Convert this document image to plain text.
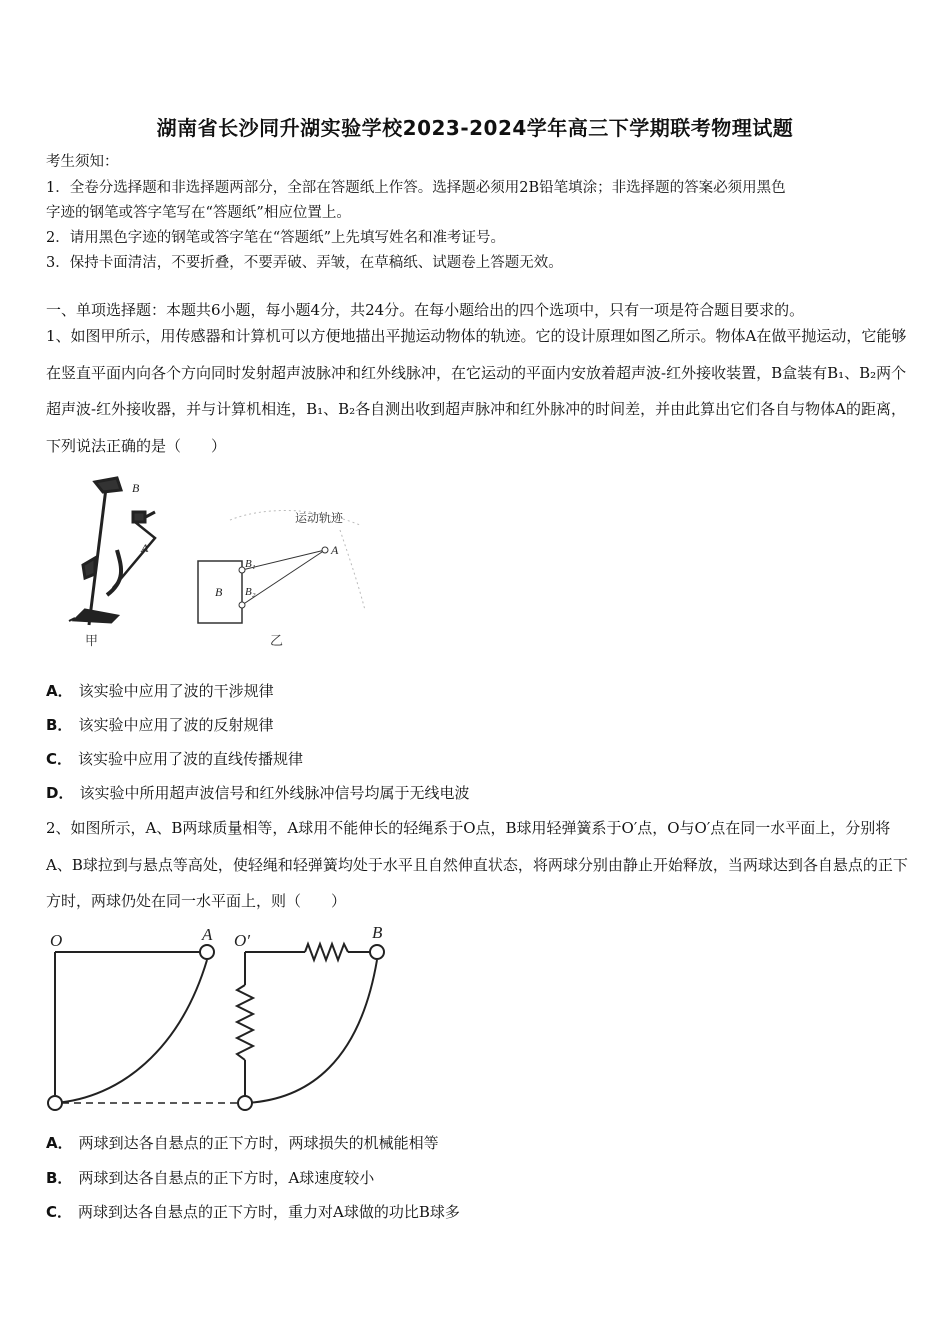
湖南省长沙同升湖实验学校2023-2024学年高三下学期联考物理试题
考生须知：
1．全卷分选择题和非选择题两部分，全部在答题纸上作答。选择题必须用2B铅笔填涂；非选择题的答案必须用黑色
字迹的钢笔或答字笔写在“答题纸”相应位置上。
2．请用黑色字迹的钢笔或答字笔在“答题纸”上先填写姓名和准考证号。
3．保持卡面清洁，不要折叠，不要弄破、弄皱，在草稿纸、试题卷上答题无效。
一、单项选择题：本题共6小题，每小题4分，共24分。在每小题给出的四个选项中，只有一项是符合题目要求的。
1、如图甲所示，用传感器和计算机可以方便地描出平抛运动物体的轨迹。它的设计原理如图乙所示。物体A在做平抛运动，它能够在竖直平面内向各个方向同时发射超声波脉冲和红外线脉冲，在它运动的平面内安放着超声波-红外接收装置，B盒装有B₁、B₂两个超声波-红外接收器，并与计算机相连，B₁、B₂各自测出收到超声脉冲和红外脉冲的时间差，并由此算出它们各自与物体A的距离，下列说法正确的是（　　）
B
A
甲
运动轨迹
B
B₁
B₂
A
乙
A． 该实验中应用了波的干涉规律
B． 该实验中应用了波的反射规律
C． 该实验中应用了波的直线传播规律
D． 该实验中所用超声波信号和红外线脉冲信号均属于无线电波
2、如图所示，A、B两球质量相等，A球用不能伸长的轻绳系于O点，B球用轻弹簧系于O′点，O与O′点在同一水平面上，分别将A、B球拉到与悬点等高处，使轻绳和轻弹簧均处于水平且自然伸直状态，将两球分别由静止开始释放，当两球达到各自悬点的正下方时，两球仍处在同一水平面上，则（　　）
O	A O′	B
A． 两球到达各自悬点的正下方时，两球损失的机械能相等
B． 两球到达各自悬点的正下方时，A球速度较小
C． 两球到达各自悬点的正下方时，重力对A球做的功比B球多
